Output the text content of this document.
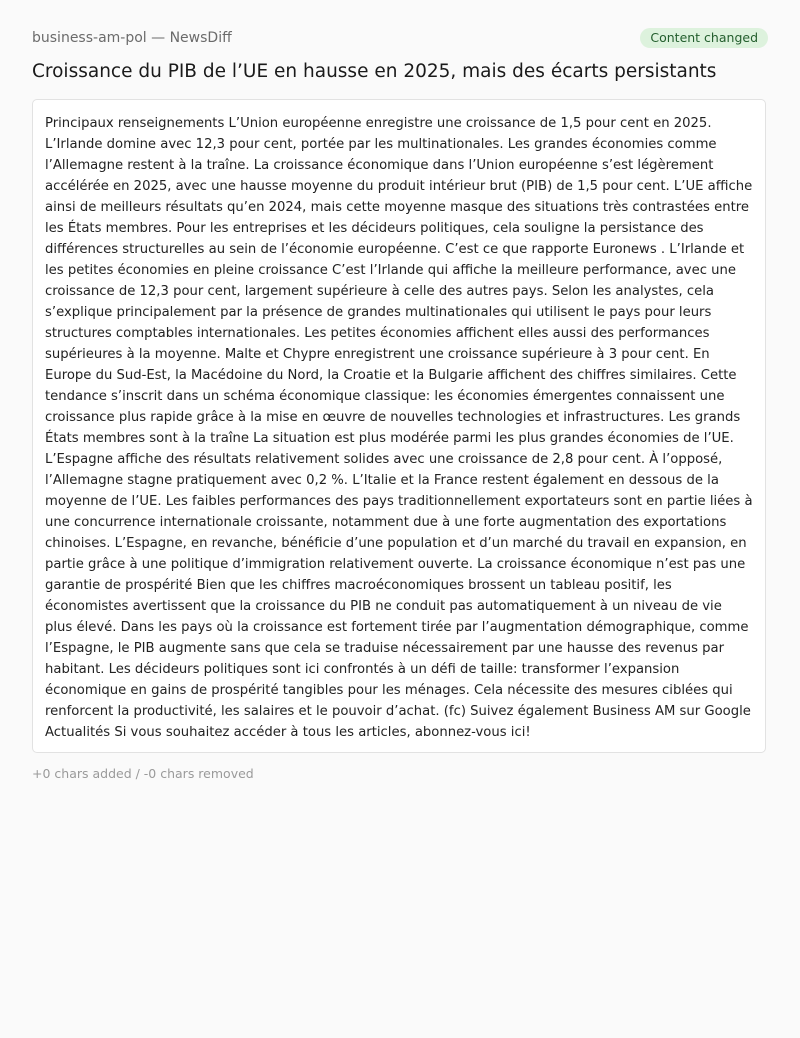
business-am-pol — NewsDiff	Content changed
Croissance du PIB de l’UE en hausse en 2025, mais des écarts persistants

Principaux renseignements L’Union européenne enregistre une croissance de 1,5 pour cent en 2025. L’Irlande domine avec 12,3 pour cent, portée par les multinationales. Les grandes économies comme l’Allemagne restent à la traîne. La croissance économique dans l’Union européenne s’est légèrement accélérée en 2025, avec une hausse moyenne du produit intérieur brut (PIB) de 1,5 pour cent. L’UE affiche ainsi de meilleurs résultats qu’en 2024, mais cette moyenne masque des situations très contrastées entre les États membres. Pour les entreprises et les décideurs politiques, cela souligne la persistance des différences structurelles au sein de l’économie européenne. C’est ce que rapporte Euronews . L’Irlande et les petites économies en pleine croissance C’est l’Irlande qui affiche la meilleure performance, avec une croissance de 12,3 pour cent, largement supérieure à celle des autres pays. Selon les analystes, cela s’explique principalement par la présence de grandes multinationales qui utilisent le pays pour leurs structures comptables internationales. Les petites économies affichent elles aussi des performances supérieures à la moyenne. Malte et Chypre enregistrent une croissance supérieure à 3 pour cent. En Europe du Sud-Est, la Macédoine du Nord, la Croatie et la Bulgarie affichent des chiffres similaires. Cette tendance s’inscrit dans un schéma économique classique: les économies émergentes connaissent une croissance plus rapide grâce à la mise en œuvre de nouvelles technologies et infrastructures. Les grands États membres sont à la traîne La situation est plus modérée parmi les plus grandes économies de l’UE. L’Espagne affiche des résultats relativement solides avec une croissance de 2,8 pour cent. À l’opposé, l’Allemagne stagne pratiquement avec 0,2 %. L’Italie et la France restent également en dessous de la moyenne de l’UE. Les faibles performances des pays traditionnellement exportateurs sont en partie liées à une concurrence internationale croissante, notamment due à une forte augmentation des exportations chinoises. L’Espagne, en revanche, bénéficie d’une population et d’un marché du travail en expansion, en partie grâce à une politique d’immigration relativement ouverte. La croissance économique n’est pas une garantie de prospérité Bien que les chiffres macroéconomiques brossent un tableau positif, les économistes avertissent que la croissance du PIB ne conduit pas automatiquement à un niveau de vie plus élevé. Dans les pays où la croissance est fortement tirée par l’augmentation démographique, comme l’Espagne, le PIB augmente sans que cela se traduise nécessairement par une hausse des revenus par habitant. Les décideurs politiques sont ici confrontés à un défi de taille: transformer l’expansion économique en gains de prospérité tangibles pour les ménages. Cela nécessite des mesures ciblées qui renforcent la productivité, les salaires et le pouvoir d’achat. (fc) Suivez également Business AM sur Google Actualités Si vous souhaitez accéder à tous les articles, abonnez-vous ici!

+0 chars added / -0 chars removed
